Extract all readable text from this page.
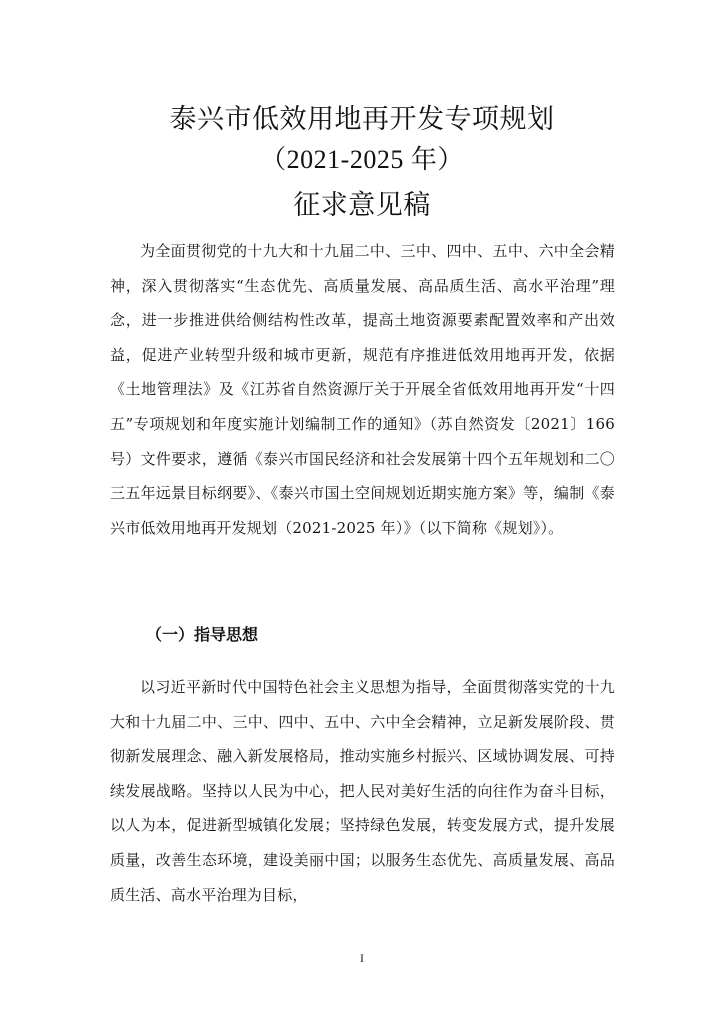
泰兴市低效用地再开发专项规划
（2021-2025 年）
征求意见稿

为全面贯彻党的十九大和十九届二中、三中、四中、五中、六中全会精神，深入贯彻落实“生态优先、高质量发展、高品质生活、高水平治理”理念，进一步推进供给侧结构性改革，提高土地资源要素配置效率和产出效益，促进产业转型升级和城市更新，规范有序推进低效用地再开发，依据《土地管理法》及《江苏省自然资源厅关于开展全省低效用地再开发“十四五”专项规划和年度实施计划编制工作的通知》（苏自然资发〔2021〕166 号）文件要求，遵循《泰兴市国民经济和社会发展第十四个五年规划和二〇三五年远景目标纲要》、《泰兴市国土空间规划近期实施方案》等，编制《泰兴市低效用地再开发规划（2021-2025 年）》（以下简称《规划》）。

（一）指导思想

以习近平新时代中国特色社会主义思想为指导，全面贯彻落实党的十九大和十九届二中、三中、四中、五中、六中全会精神，立足新发展阶段、贯彻新发展理念、融入新发展格局，推动实施乡村振兴、区域协调发展、可持续发展战略。坚持以人民为中心，把人民对美好生活的向往作为奋斗目标，以人为本，促进新型城镇化发展；坚持绿色发展，转变发展方式，提升发展质量，改善生态环境，建设美丽中国；以服务生态优先、高质量发展、高品质生活、高水平治理为目标，

I
